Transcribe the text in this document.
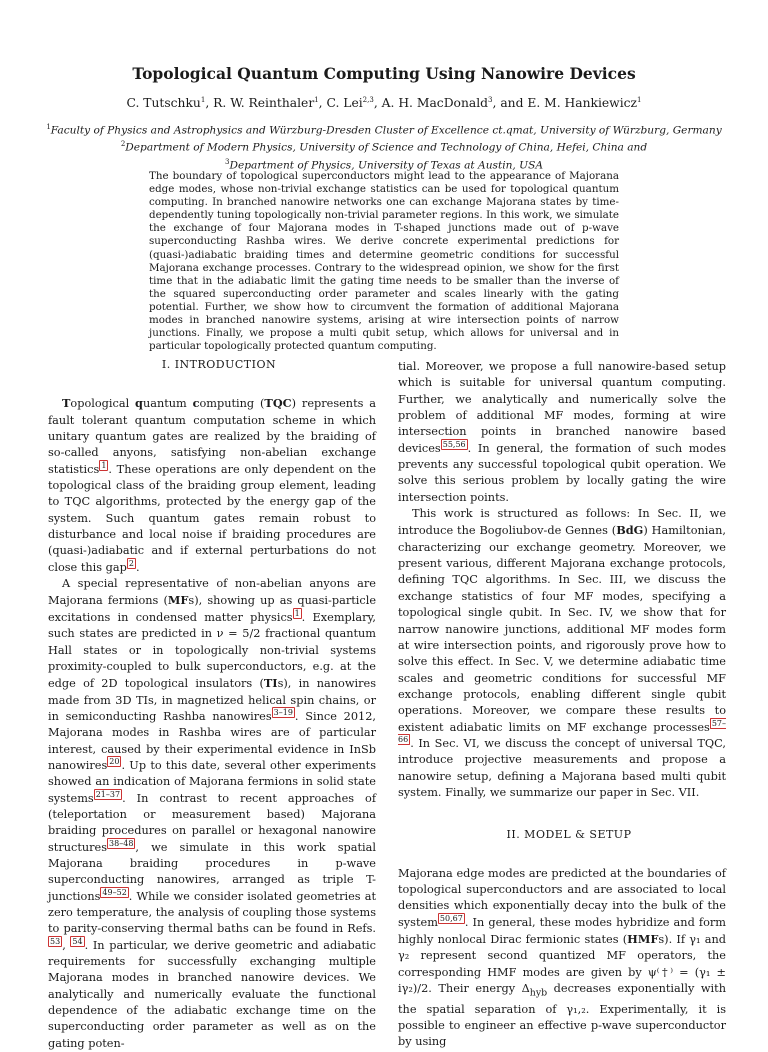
Topological Quantum Computing Using Nanowire Devices
C. Tutschku$^1$, R. W. Reinthaler$^1$, C. Lei$^{2,3}$, A. H. MacDonald$^3$, and E. M. Hankiewicz$^1$
$^1$Faculty of Physics and Astrophysics and Würzburg-Dresden Cluster of Excellence ct.qmat, University of Würzburg, Germany
$^2$Department of Modern Physics, University of Science and Technology of China, Hefei, China and
$^3$Department of Physics, University of Texas at Austin, USA
The boundary of topological superconductors might lead to the appearance of Majorana edge modes, whose non-trivial exchange statistics can be used for topological quantum computing. In branched nanowire networks one can exchange Majorana states by time-dependently tuning topologically non-trivial parameter regions. In this work, we simulate the exchange of four Majorana modes in T-shaped junctions made out of p-wave superconducting Rashba wires. We derive concrete experimental predictions for (quasi-)adiabatic braiding times and determine geometric conditions for successful Majorana exchange processes. Contrary to the widespread opinion, we show for the first time that in the adiabatic limit the gating time needs to be smaller than the inverse of the squared superconducting order parameter and scales linearly with the gating potential. Further, we show how to circumvent the formation of additional Majorana modes in branched nanowire systems, arising at wire intersection points of narrow junctions. Finally, we propose a multi qubit setup, which allows for universal and in particular topologically protected quantum computing.

I. INTRODUCTION

Topological quantum computing (TQC) represents a fault tolerant quantum computation scheme in which unitary quantum gates are realized by the braiding of so-called anyons, satisfying non-abelian exchange statistics $^1$ . These operations are only dependent on the topological class of the braiding group element, leading to TQC algorithms, protected by the energy gap of the system. Such quantum gates remain robust to disturbance and local noise if braiding procedures are (quasi-)adiabatic and if external perturbations do not close this gap $^2$ .

A special representative of non-abelian anyons are Majorana fermions (MFs), showing up as quasi-particle excitations in condensed matter physics $^1$ . Exemplary, such states are predicted in ν = 5/2 fractional quantum Hall states or in topologically non-trivial systems proximity-coupled to bulk superconductors, e.g. at the edge of 2D topological insulators (TIs), in nanowires made from 3D TIs, in magnetized helical spin chains, or in semiconducting Rashba nanowires $^{3-19}$ . Since 2012, Majorana modes in Rashba wires are of particular interest, caused by their experimental evidence in InSb nanowires $^{20}$ . Up to this date, several other experiments showed an indication of Majorana fermions in solid state systems $^{21-37}$ . In contrast to recent approaches of (teleportation or measurement based) Majorana braiding procedures on parallel or hexagonal nanowire structures $^{38-48}$ , we simulate in this work spatial Majorana braiding procedures in p-wave superconducting nanowires, arranged as triple T-junctions $^{49-52}$ . While we consider isolated geometries at zero temperature, the analysis of coupling those systems to parity-conserving thermal baths can be found in Refs. $^{53}$ , $^{54}$ . In particular, we derive geometric and adiabatic requirements for successfully exchanging multiple Majorana modes in branched nanowire devices. We analytically and numerically evaluate the functional dependence of the adiabatic exchange time on the superconducting order parameter as well as on the gating poten-

tial. Moreover, we propose a full nanowire-based setup which is suitable for universal quantum computing. Further, we analytically and numerically solve the problem of additional MF modes, forming at wire intersection points in branched nanowire based devices $^{55,56}$ . In general, the formation of such modes prevents any successful topological qubit operation. We solve this serious problem by locally gating the wire intersection points.

This work is structured as follows: In Sec. II, we introduce the Bogoliubov-de Gennes (BdG) Hamiltonian, characterizing our exchange geometry. Moreover, we present various, different Majorana exchange protocols, defining TQC algorithms. In Sec. III, we discuss the exchange statistics of four MF modes, specifying a topological single qubit. In Sec. IV, we show that for narrow nanowire junctions, additional MF modes form at wire intersection points, and rigorously prove how to solve this effect. In Sec. V, we determine adiabatic time scales and geometric conditions for successful MF exchange protocols, enabling different single qubit operations. Moreover, we compare these results to existent adiabatic limits on MF exchange processes $^{57-66}$ . In Sec. VI, we discuss the concept of universal TQC, introduce projective measurements and propose a nanowire setup, defining a Majorana based multi qubit system. Finally, we summarize our paper in Sec. VII.

II. MODEL & SETUP

Majorana edge modes are predicted at the boundaries of topological superconductors and are associated to local densities which exponentially decay into the bulk of the system $^{50,67}$ . In general, these modes hybridize and form highly nonlocal Dirac fermionic states (HMFs). If γ₁ and γ₂ represent second quantized MF operators, the corresponding HMF modes are given by ψ⁽†⁾ = (γ₁ ± iγ₂)/2. Their energy $\Delta_{hyb}$ decreases exponentially with the spatial separation of γ₁,₂. Experimentally, it is possible to engineer an effective p-wave superconductor by using
